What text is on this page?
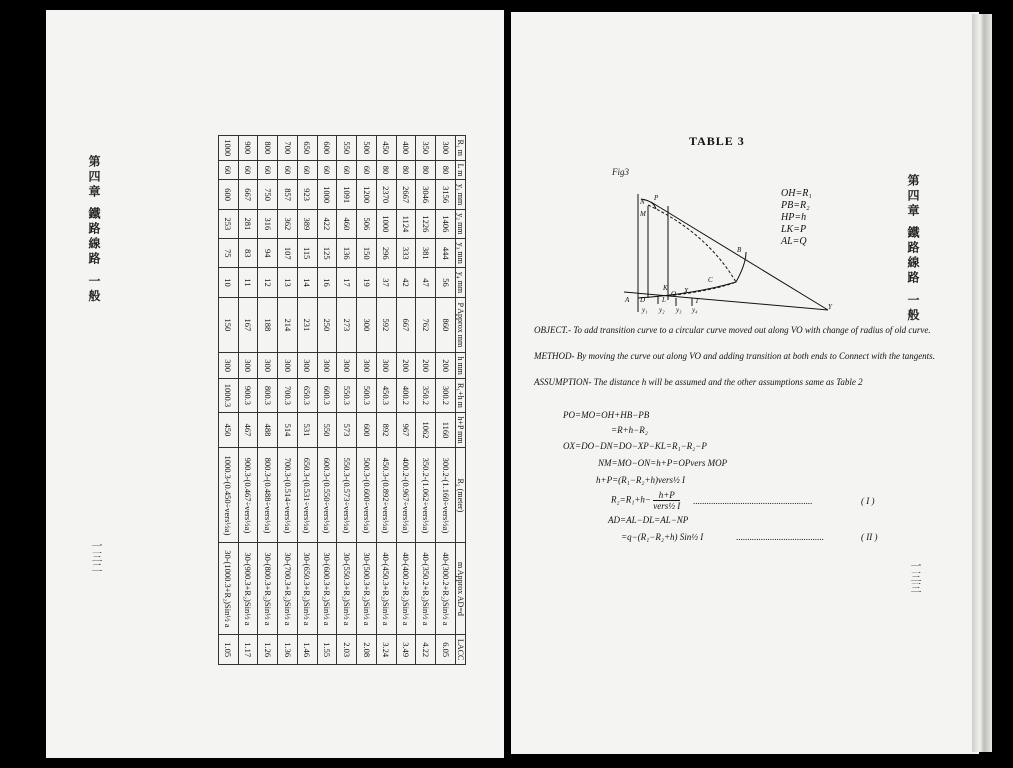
第四章 鐵路線路 一般
一三二
R₁ m	L m	y₁ mm	y₂ mm	y₃ mm	y₄ mm	P Approx mm	h mm	R₁+h m	h+P mm	R₂ (meter)	m Approx AD=d	LACC
300	80	3156	1406	444	56	860	200	300.2	1160	300.2-(1.160÷vers½a)	40-(300.2+R₂)Sin½ a	6.05
350	80	3046	1226	381	47	762	200	350.2	1062	350.2-(1.062÷vers½a)	40-(350.2+R₂)Sin½ a	4.22
400	80	2667	1124	333	42	667	200	400.2	967	400.2-(0.967÷vers½a)	40-(400.2+R₂)Sin½ a	3.49
450	80	2370	1000	296	37	592	300	450.3	892	450.3-(0.892÷vers½a)	40-(450.3+R₂)Sin½ a	3.24
500	60	1200	506	150	19	300	300	500.3	600	500.3-(0.600÷vers½a)	30-(500.3+R₂)Sin½ a	2.08
550	60	1091	460	136	17	273	300	550.3	573	550.3-(0.573÷vers½a)	30-(550.3+R₂)Sin½ a	2.03
600	60	1000	422	125	16	250	300	600.3	550	600.3-(0.550÷vers½a)	30-(600.3+R₂)Sin½ a	1.55
650	60	923	389	115	14	231	300	650.3	531	650.3-(0.531÷vers½a)	30-(650.3+R₂)Sin½ a	1.46
700	60	857	362	107	13	214	300	700.3	514	700.3-(0.514÷vers½a)	30-(700.3+R₂)Sin½ a	1.36
800	60	750	316	94	12	188	300	800.3	488	800.3-(0.488÷vers½a)	30-(800.3+R₂)Sin½ a	1.26
900	60	667	281	83	11	167	300	900.3	467	900.3-(0.467÷vers½a)	30-(900.3+R₂)Sin½ a	1.17
1000	60	600	253	75	10	150	300	1000.3	450	1000.3-(0.450÷vers½a)	30-(1000.3+R₂)Sin½ a	1.05
TABLE 3
Fig3
P
N
M
B
C
X
Y
A D L
O
K
T
y₁ y₂ y₃ y₄
OH=R₁
PB=R₂
HP=h
LK=P
AL=Q
OBJECT.- To add transition curve to a circular curve moved out along VO with change of radius of old curve.
METHOD- By moving the curve out along VO and adding transition at both ends to Connect with the tangents.
ASSUMPTION- The distance h will be assumed and the other assumptions same as Table 2
PO=MO=OH+HB−PB
=R+h−R₂
OX=DO−DN=DO−XP−KL=R₁−R₂−P
NM=MO−ON=h+P=OPvers MOP
h+P=(R₁−R₂+h)vers½ I
R₂=R₁+h− h+P
vers½ I .....................................................	( I )
AD=AL−DL=AL−NP
=q−(R₁−R₂+h) Sin½ I	.......................................	( II )
第四章 鐵路線路 一般
一三三
